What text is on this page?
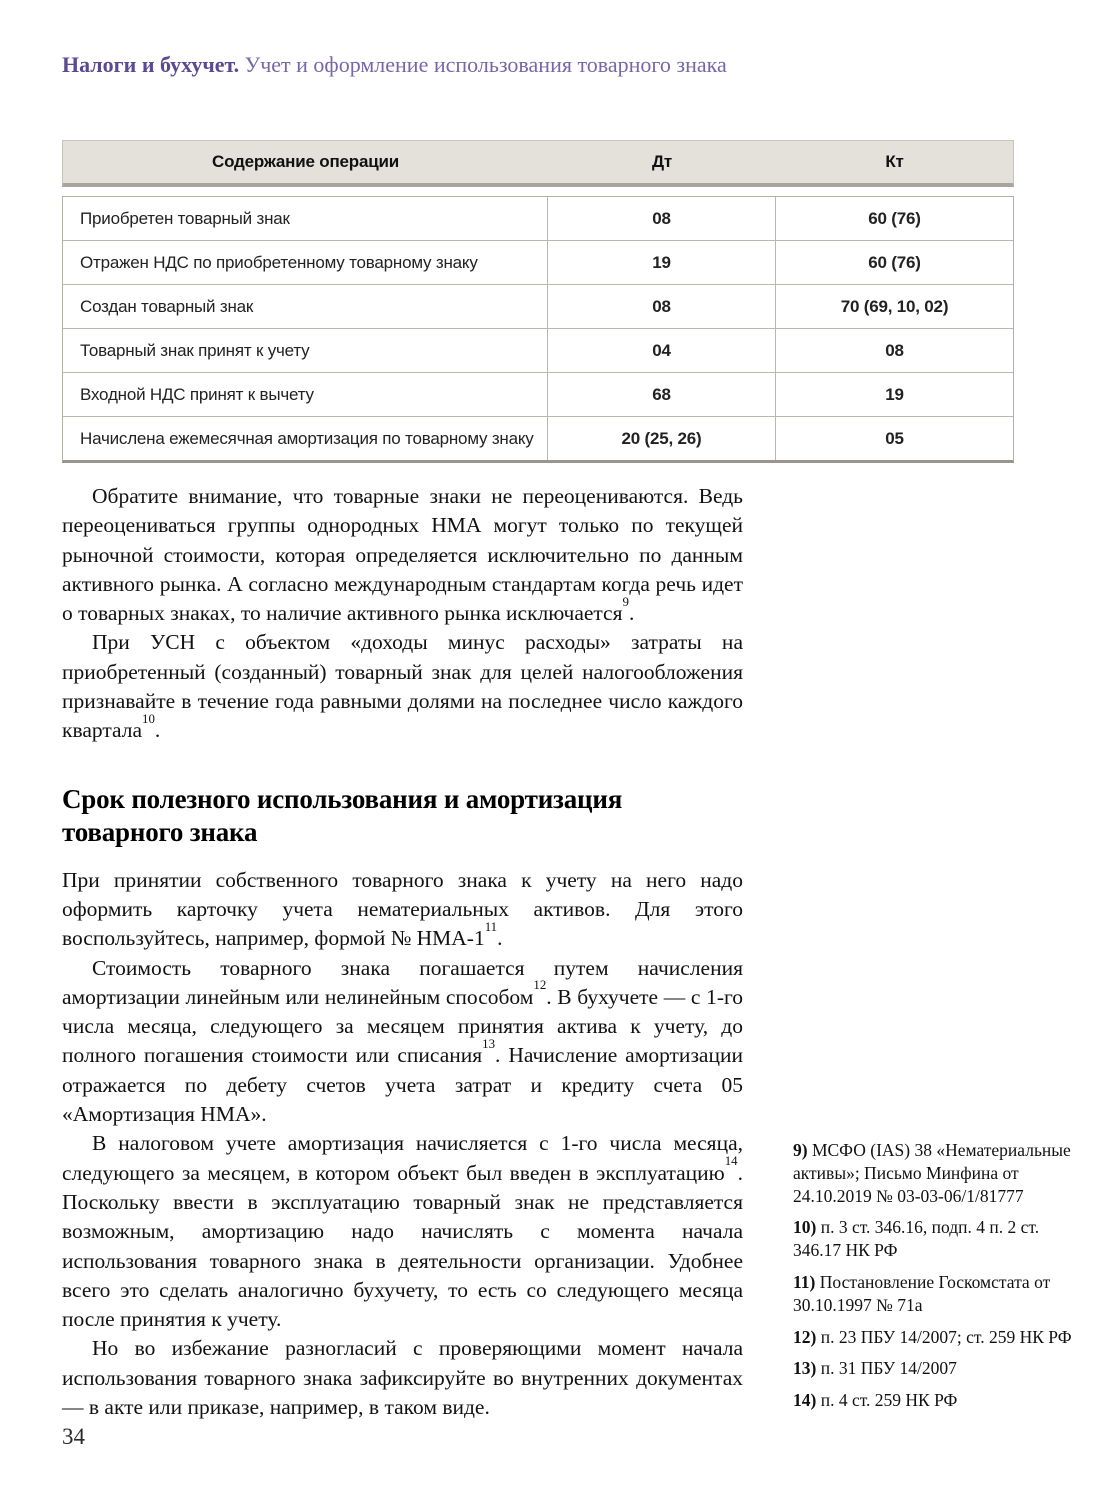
Налоги и бухучет. Учет и оформление использования товарного знака
Содержание операции	Дт	Кт
Приобретен товарный знак	08	60 (76)
Отражен НДС по приобретенному товарному знаку	19	60 (76)
Создан товарный знак	08	70 (69, 10, 02)
Товарный знак принят к учету	04	08
Входной НДС принят к вычету	68	19
Начислена ежемесячная амортизация по товарному знаку	20 (25, 26)	05

Обратите внимание, что товарные знаки не переоцениваются. Ведь переоцениваться группы однородных НМА могут только по текущей рыночной стоимости, которая определяется исключительно по данным активного рынка. А согласно международным стандартам когда речь идет о товарных знаках, то наличие активного рынка исключается$^9$.

При УСН с объектом «доходы минус расходы» затраты на приобретенный (созданный) товарный знак для целей налогообложения признавайте в течение года равными долями на последнее число каждого квартала$^{10}$.

Срок полезного использования и амортизация товарного знака

При принятии собственного товарного знака к учету на него надо оформить карточку учета нематериальных активов. Для этого воспользуйтесь, например, формой № НМА-$1^{11}$.

Стоимость товарного знака погашается путем начисления амортизации линейным или нелинейным способом$^{12}$. В бухучете — с 1-го числа месяца, следующего за месяцем принятия актива к учету, до полного погашения стоимости или списания$^{13}$. Начисление амортизации отражается по дебету счетов учета затрат и кредиту счета 05 «Амортизация НМА».

В налоговом учете амортизация начисляется с 1-го числа месяца, следующего за месяцем, в котором объект был введен в эксплуатацию$^{14}$. Поскольку ввести в эксплуатацию товарный знак не представляется возможным, амортизацию надо начислять с момента начала использования товарного знака в деятельности организации. Удобнее всего это сделать аналогично бухучету, то есть со следующего месяца после принятия к учету.

Но во избежание разногласий с проверяющими момент начала использования товарного знака зафиксируйте во внутренних документах — в акте или приказе, например, в таком виде.

9) МСФО (IAS) 38 «Нематериальные активы»; Письмо Минфина от 24.10.2019 № 03-03-06/1/81777
10) п. 3 ст. 346.16, подп. 4 п. 2 ст. 346.17 НК РФ
11) Постановление Госкомстата от 30.10.1997 № 71а
12) п. 23 ПБУ 14/2007; ст. 259 НК РФ
13) п. 31 ПБУ 14/2007
14) п. 4 ст. 259 НК РФ
34
